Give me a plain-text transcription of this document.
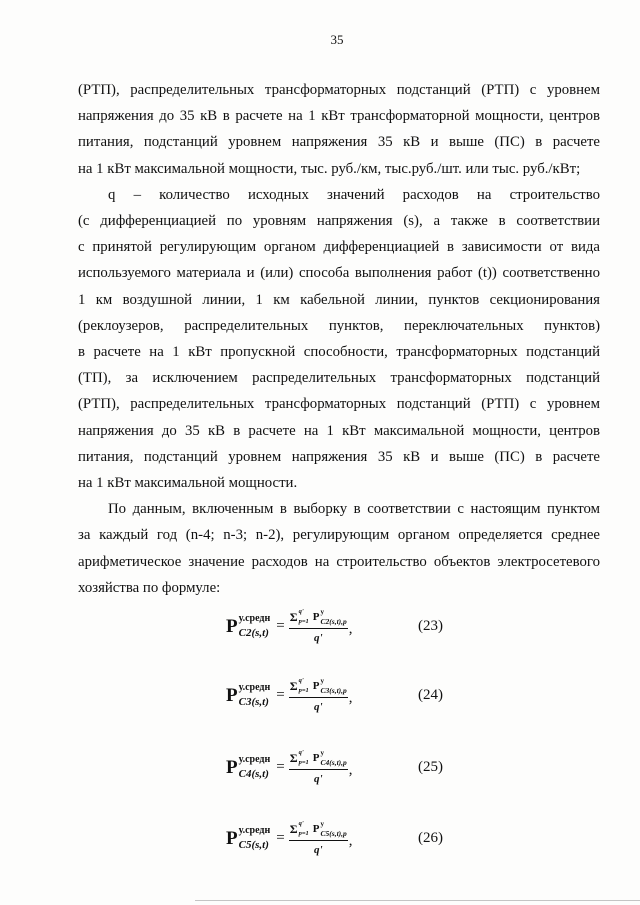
35
(РТП), распределительных трансформаторных подстанций (РТП) с уровнем
напряжения до 35 кВ в расчете на 1 кВт трансформаторной мощности, центров
питания, подстанций уровнем напряжения 35 кВ и выше (ПС) в расчете
на 1 кВт максимальной мощности, тыс. руб./км, тыс.руб./шт. или тыс. руб./кВт;
q – количество исходных значений расходов на строительство
(с дифференциацией по уровням напряжения (s), а также в соответствии
с принятой регулирующим органом дифференциацией в зависимости от вида
используемого материала и (или) способа выполнения работ (t)) соответственно
1 км воздушной линии, 1 км кабельной линии, пунктов секционирования
(реклоузеров, распределительных пунктов, переключательных пунктов)
в расчете на 1 кВт пропускной способности, трансформаторных подстанций
(ТП), за исключением распределительных трансформаторных подстанций
(РТП), распределительных трансформаторных подстанций (РТП) с уровнем
напряжения до 35 кВ в расчете на 1 кВт максимальной мощности, центров
питания, подстанций уровнем напряжения 35 кВ и выше (ПС) в расчете
на 1 кВт максимальной мощности.
По данным, включенным в выборку в соответствии с настоящим пунктом
за каждый год (n-4; n-3; n-2), регулирующим органом определяется среднее
арифметическое значение расходов на строительство объектов электросетевого
хозяйства по формуле:
P у.средн
C2(s,t) =
Σ q'
p=1 P у
C2(s,t),p
q'
,	(23)
P у.средн
C3(s,t) =
Σ q'
p=1 P у
C3(s,t),p
q'
,	(24)
P у.средн
C4(s,t) =
Σ q'
p=1 P у
C4(s,t),p
q'
,	(25)
P у.средн
C5(s,t) =
Σ q'
p=1 P у
C5(s,t),p
q'
,	(26)
